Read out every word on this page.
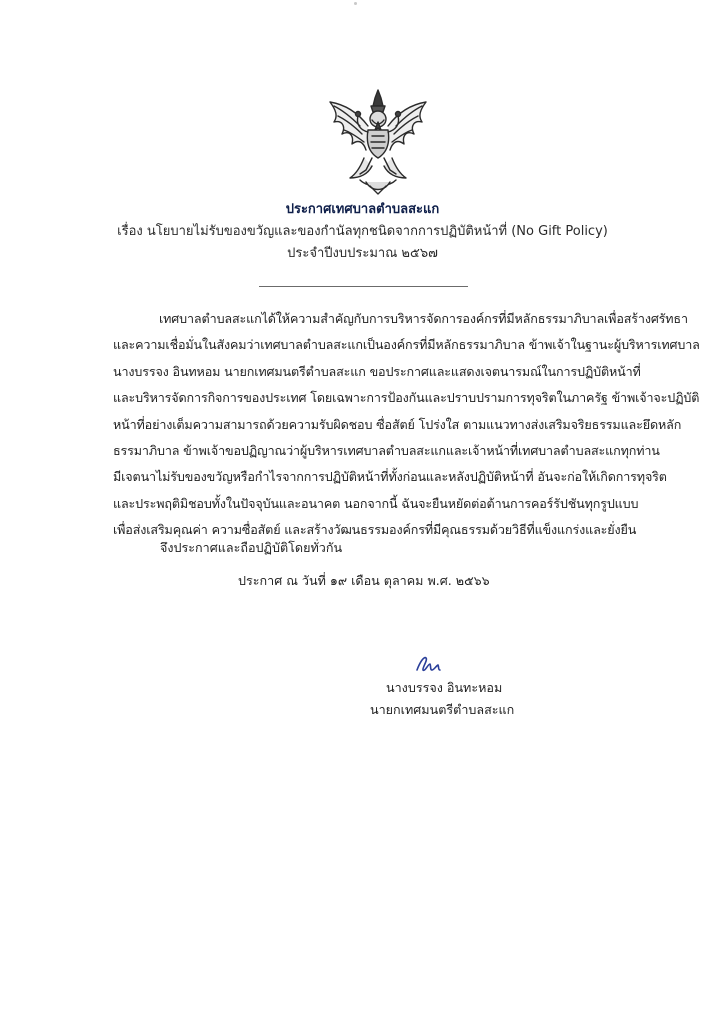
ประกาศเทศบาลตำบลสะแก
เรื่อง นโยบายไม่รับของขวัญและของกำนัลทุกชนิดจากการปฏิบัติหน้าที่ (No Gift Policy)
ประจำปีงบประมาณ ๒๕๖๗
เทศบาลตำบลสะแกได้ให้ความสำคัญกับการบริหารจัดการองค์กรที่มีหลักธรรมาภิบาลเพื่อสร้างศรัทธา
และความเชื่อมั่นในสังคมว่าเทศบาลตำบลสะแกเป็นองค์กรที่มีหลักธรรมาภิบาล ข้าพเจ้าในฐานะผู้บริหารเทศบาล
นางบรรจง อินทหอม นายกเทศมนตรีตำบลสะแก ขอประกาศและแสดงเจตนารมณ์ในการปฏิบัติหน้าที่
และบริหารจัดการกิจการของประเทศ โดยเฉพาะการป้องกันและปราบปรามการทุจริตในภาครัฐ ข้าพเจ้าจะปฏิบัติ
หน้าที่อย่างเต็มความสามารถด้วยความรับผิดชอบ ซื่อสัตย์ โปร่งใส ตามแนวทางส่งเสริมจริยธรรมและยึดหลัก
ธรรมาภิบาล ข้าพเจ้าขอปฏิญาณว่าผู้บริหารเทศบาลตำบลสะแกและเจ้าหน้าที่เทศบาลตำบลสะแกทุกท่าน
มีเจตนาไม่รับของขวัญหรือกำไรจากการปฏิบัติหน้าที่ทั้งก่อนและหลังปฏิบัติหน้าที่ อันจะก่อให้เกิดการทุจริต
และประพฤติมิชอบทั้งในปัจจุบันและอนาคต นอกจากนี้ ฉันจะยืนหยัดต่อต้านการคอร์รัปชันทุกรูปแบบ
เพื่อส่งเสริมคุณค่า ความซื่อสัตย์ และสร้างวัฒนธรรมองค์กรที่มีคุณธรรมด้วยวิธีที่แข็งแกร่งและยั่งยืน
จึงประกาศและถือปฏิบัติโดยทั่วกัน
ประกาศ ณ วันที่ ๑๙ เดือน ตุลาคม พ.ศ. ๒๕๖๖
นางบรรจง อินทะหอม
นายกเทศมนตรีตำบลสะแก
